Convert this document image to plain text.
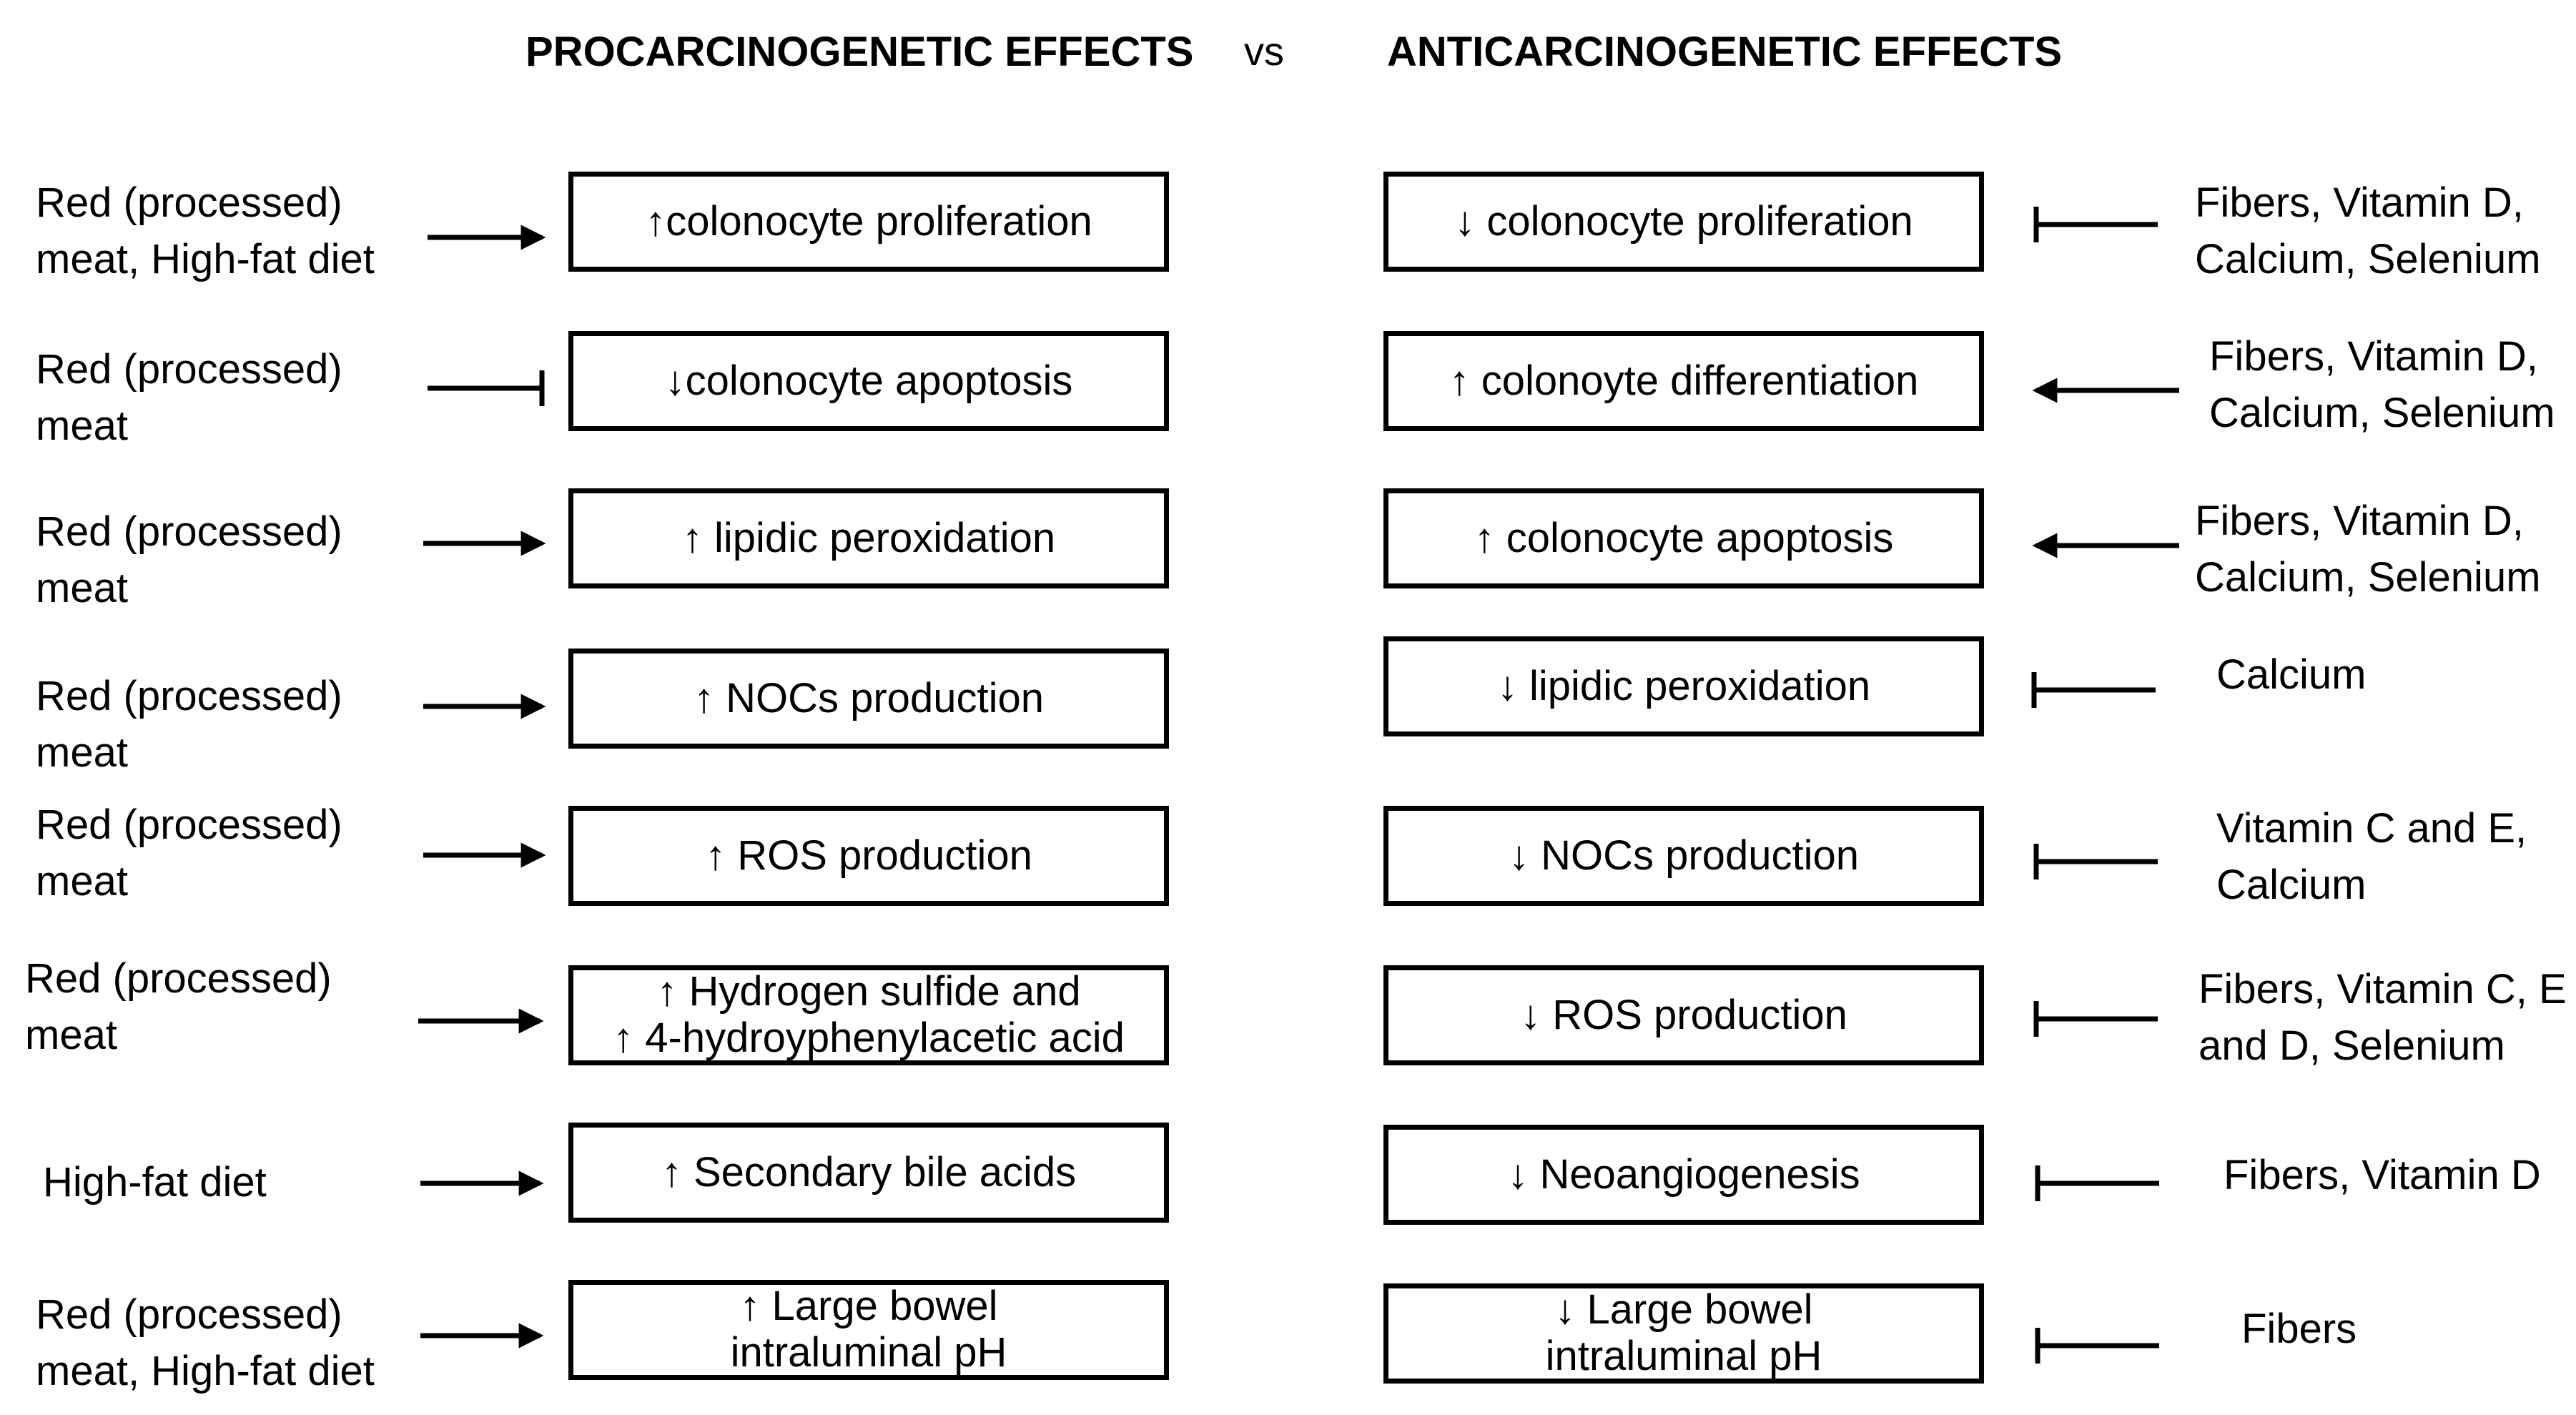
PROCARCINOGENETIC EFFECTS vs ANTICARCINOGENETIC EFFECTS
Red (processed)
meat, High-fat diet
Red (processed)
meat
Red (processed)
meat
Red (processed)
meat
Red (processed)
meat
Red (processed)
meat
High-fat diet
Red (processed)
meat, High-fat diet
↑colonocyte proliferation
↓colonocyte apoptosis
↑ lipidic peroxidation
↑ NOCs production
↑ ROS production
↑ Hydrogen sulfide and
↑ 4-hydroyphenylacetic acid
↑ Secondary bile acids
↑ Large bowel
intraluminal pH
↓ colonocyte proliferation
↑ colonoyte differentiation
↑ colonocyte apoptosis
↓ lipidic peroxidation
↓ NOCs production
↓ ROS production
↓ Neoangiogenesis
↓ Large bowel
intraluminal pH
Fibers, Vitamin D,
Calcium, Selenium
Fibers, Vitamin D,
Calcium, Selenium
Fibers, Vitamin D,
Calcium, Selenium
Calcium
Vitamin C and E,
Calcium
Fibers, Vitamin C, E
and D, Selenium
Fibers, Vitamin D
Fibers
